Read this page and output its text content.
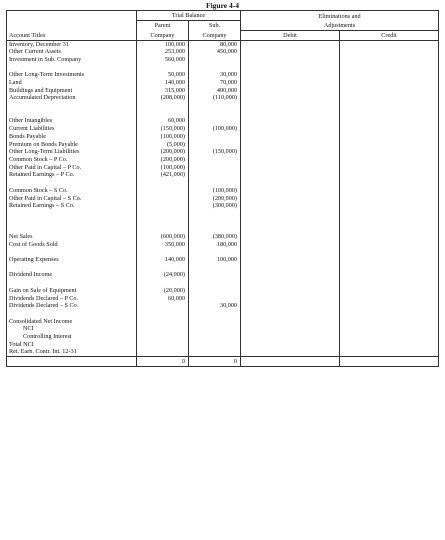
Figure 4-4
	Trial Balance		Eliminations and	
	Parent	Sub.	Adjustments	
Account Titles	Company	Company	Debit	Credit
Inventory, December 31	100,000	80,000		
Other Current Assets	253,000	450,000		
Investment in Sub. Company	560,000			

Other Long-Term Investments	50,000	30,000		
Land	140,000	70,000		
Buildings and Equipment	315,000	400,000		
Accumulated Depreciation	(208,000)	(110,000)		

Other Intangibles	60,000			
Current Liabilities	(150,000)	(100,000)		
Bonds Payable	(100,000)			
Premium on Bonds Payable	(5,000)			
Other Long-Term Liabilities	(200,000)	(150,000)		
Common Stock – P Co.	(200,000)			
Other Paid in Capital – P Co.	(100,000)			
Retained Earnings – P Co.	(421,000)			

Common Stock – S Co.		(100,000)		
Other Paid in Capital – S Co.		(200,000)		
Retained Earnings – S Co.		(300,000)		

Net Sales	(600,000)	(380,000)		
Cost of Goods Sold	350,000	180,000		

Operating Expenses	140,000	100,000		

Dividend Income	(24,000)			

Gain on Sale of Equipment	(20,000)			
Dividends Declared – P Co.	60,000			
Dividends Declared – S Co.		30,000		

Consolidated Net Income				
NCI				
Controlling Interest				
Total NCI				
Ret. Earn. Contr. Int. 12-31				
	0	0		
